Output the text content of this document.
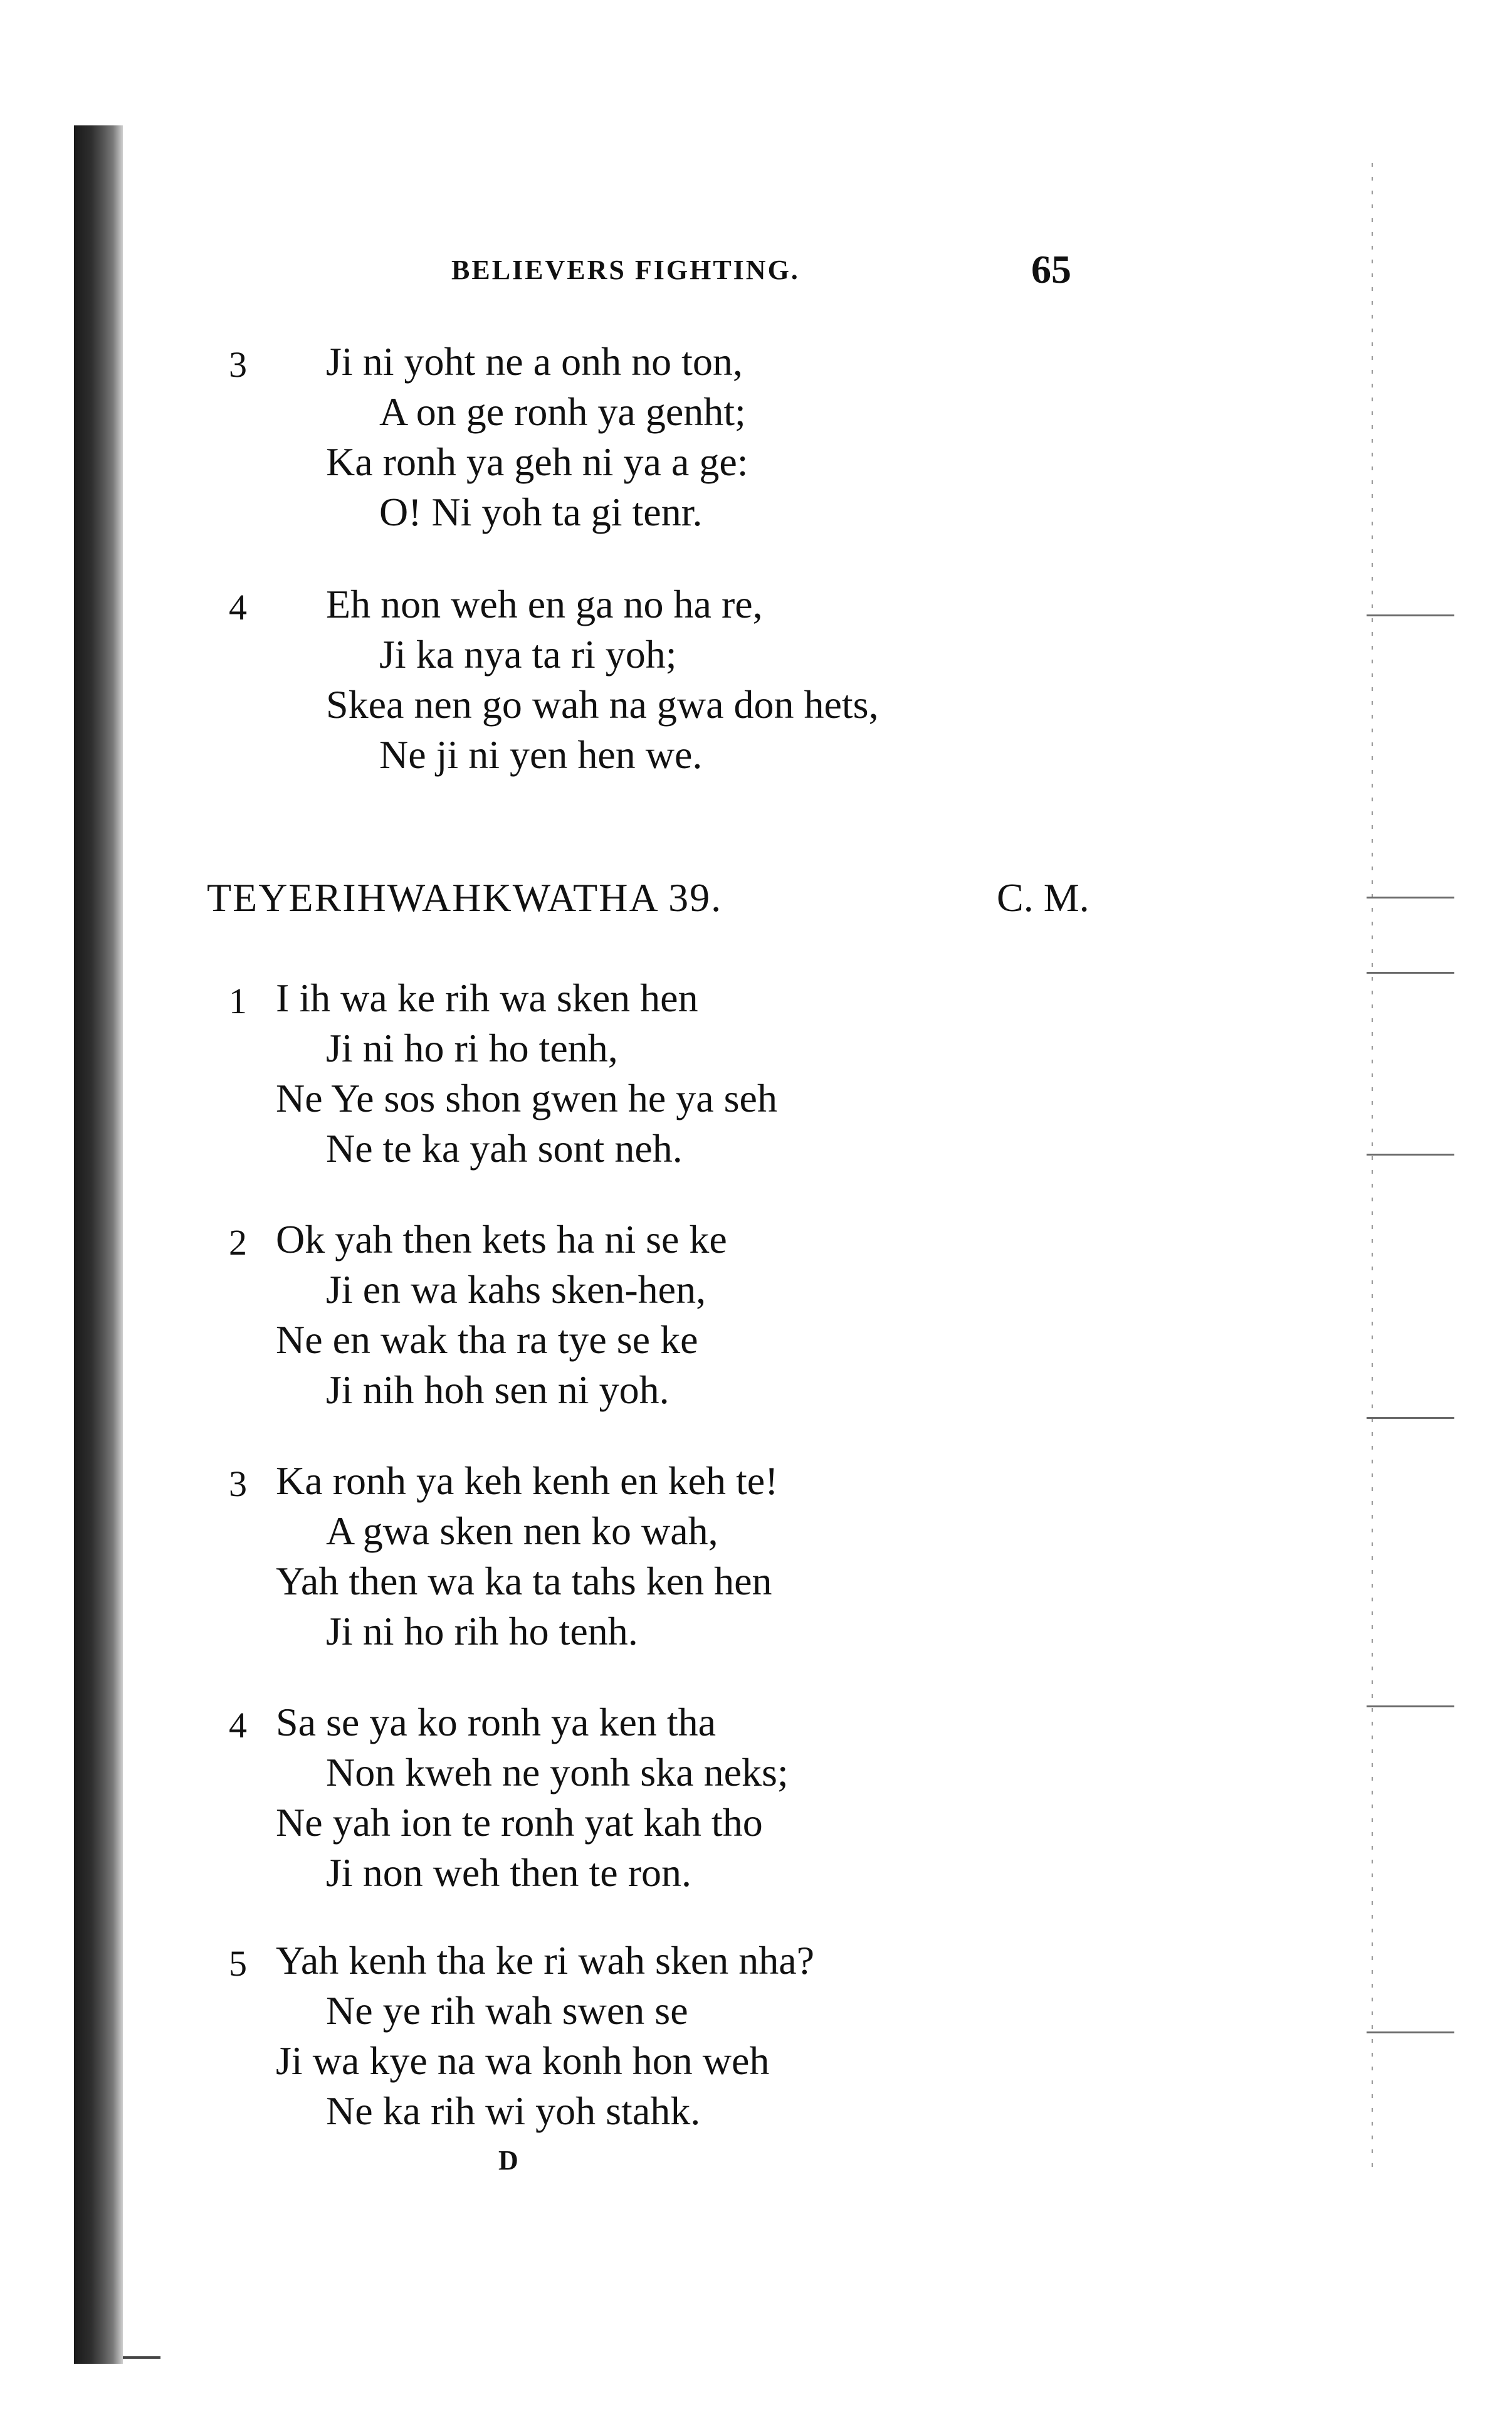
BELIEVERS FIGHTING.	65
3 Ji ni yoht ne a onh no ton,
A on ge ronh ya genht;
Ka ronh ya geh ni ya a ge:
O! Ni yoh ta gi tenr.
4 Eh non weh en ga no ha re,
Ji ka nya ta ri yoh;
Skea nen go wah na gwa don hets,
Ne ji ni yen hen we.
TEYERIHWAHKWATHA 39.	C. M.
1 I ih wa ke rih wa sken hen
Ji ni ho ri ho tenh,
Ne Ye sos shon gwen he ya seh
Ne te ka yah sont neh.
2 Ok yah then kets ha ni se ke
Ji en wa kahs sken-hen,
Ne en wak tha ra tye se ke
Ji nih hoh sen ni yoh.
3 Ka ronh ya keh kenh en keh te!
A gwa sken nen ko wah,
Yah then wa ka ta tahs ken hen
Ji ni ho rih ho tenh.
4 Sa se ya ko ronh ya ken tha
Non kweh ne yonh ska neks;
Ne yah ion te ronh yat kah tho
Ji non weh then te ron.
5 Yah kenh tha ke ri wah sken nha?
Ne ye rih wah swen se
Ji wa kye na wa konh hon weh
Ne ka rih wi yoh stahk.
D
